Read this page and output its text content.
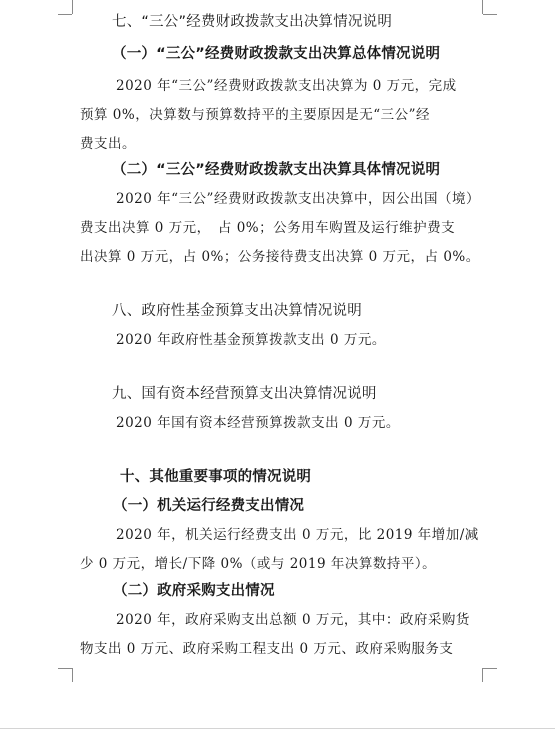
七、“三公”经费财政拨款支出决算情况说明
（一）“三公”经费财政拨款支出决算总体情况说明
2020 年“三公”经费财政拨款支出决算为 0 万元，完成
预算 0%，决算数与预算数持平的主要原因是无“三公”经
费支出。
（二）“三公”经费财政拨款支出决算具体情况说明
2020 年“三公”经费财政拨款支出决算中，因公出国（境）
费支出决算 0 万元，　占 0%；公务用车购置及运行维护费支
出决算 0 万元，占 0%；公务接待费支出决算 0 万元，占 0%。
八、政府性基金预算支出决算情况说明
2020 年政府性基金预算拨款支出 0 万元。
九、国有资本经营预算支出决算情况说明
2020 年国有资本经营预算拨款支出 0 万元。
十、其他重要事项的情况说明
（一）机关运行经费支出情况
2020 年，机关运行经费支出 0 万元，比 2019 年增加/减
少 0 万元，增长/下降 0%（或与 2019 年决算数持平）。
（二）政府采购支出情况
2020 年，政府采购支出总额 0 万元，其中：政府采购货
物支出 0 万元、政府采购工程支出 0 万元、政府采购服务支
